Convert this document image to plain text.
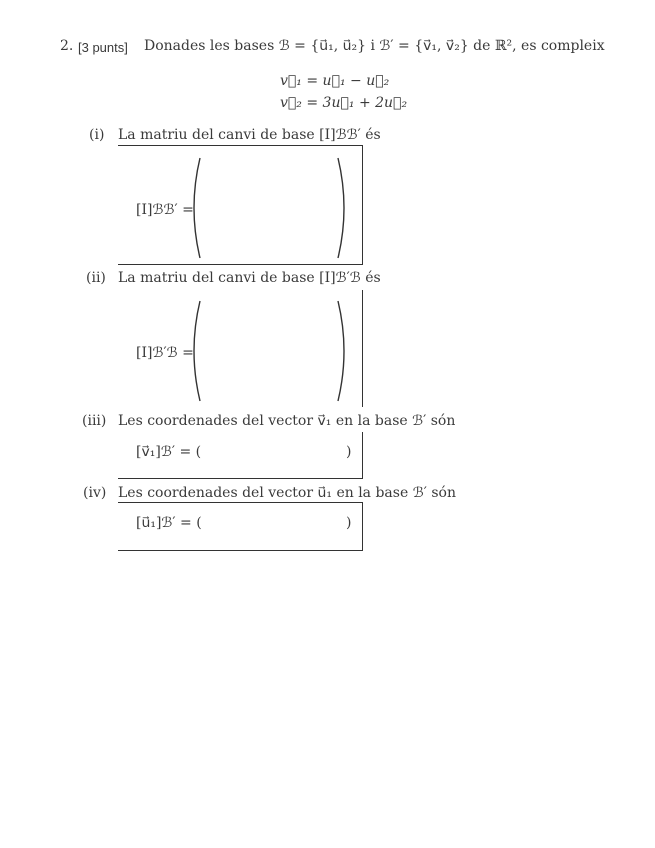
2. [3 punts] Donades les bases ℬ = {u⃗₁, u⃗₂} i ℬ′ = {v⃗₁, v⃗₂} de ℝ², es compleix
v⃗₁ = u⃗₁ − u⃗₂
v⃗₂ = 3u⃗₁ + 2u⃗₂
(i) La matriu del canvi de base [I]ℬℬ′ és
[I]ℬℬ′ =
(ii) La matriu del canvi de base [I]ℬ′ℬ és
[I]ℬ′ℬ =
(iii) Les coordenades del vector v⃗₁ en la base ℬ′ són
[v⃗₁]ℬ′ = (	)
(iv) Les coordenades del vector u⃗₁ en la base ℬ′ són
[u⃗₁]ℬ′ = (	)
